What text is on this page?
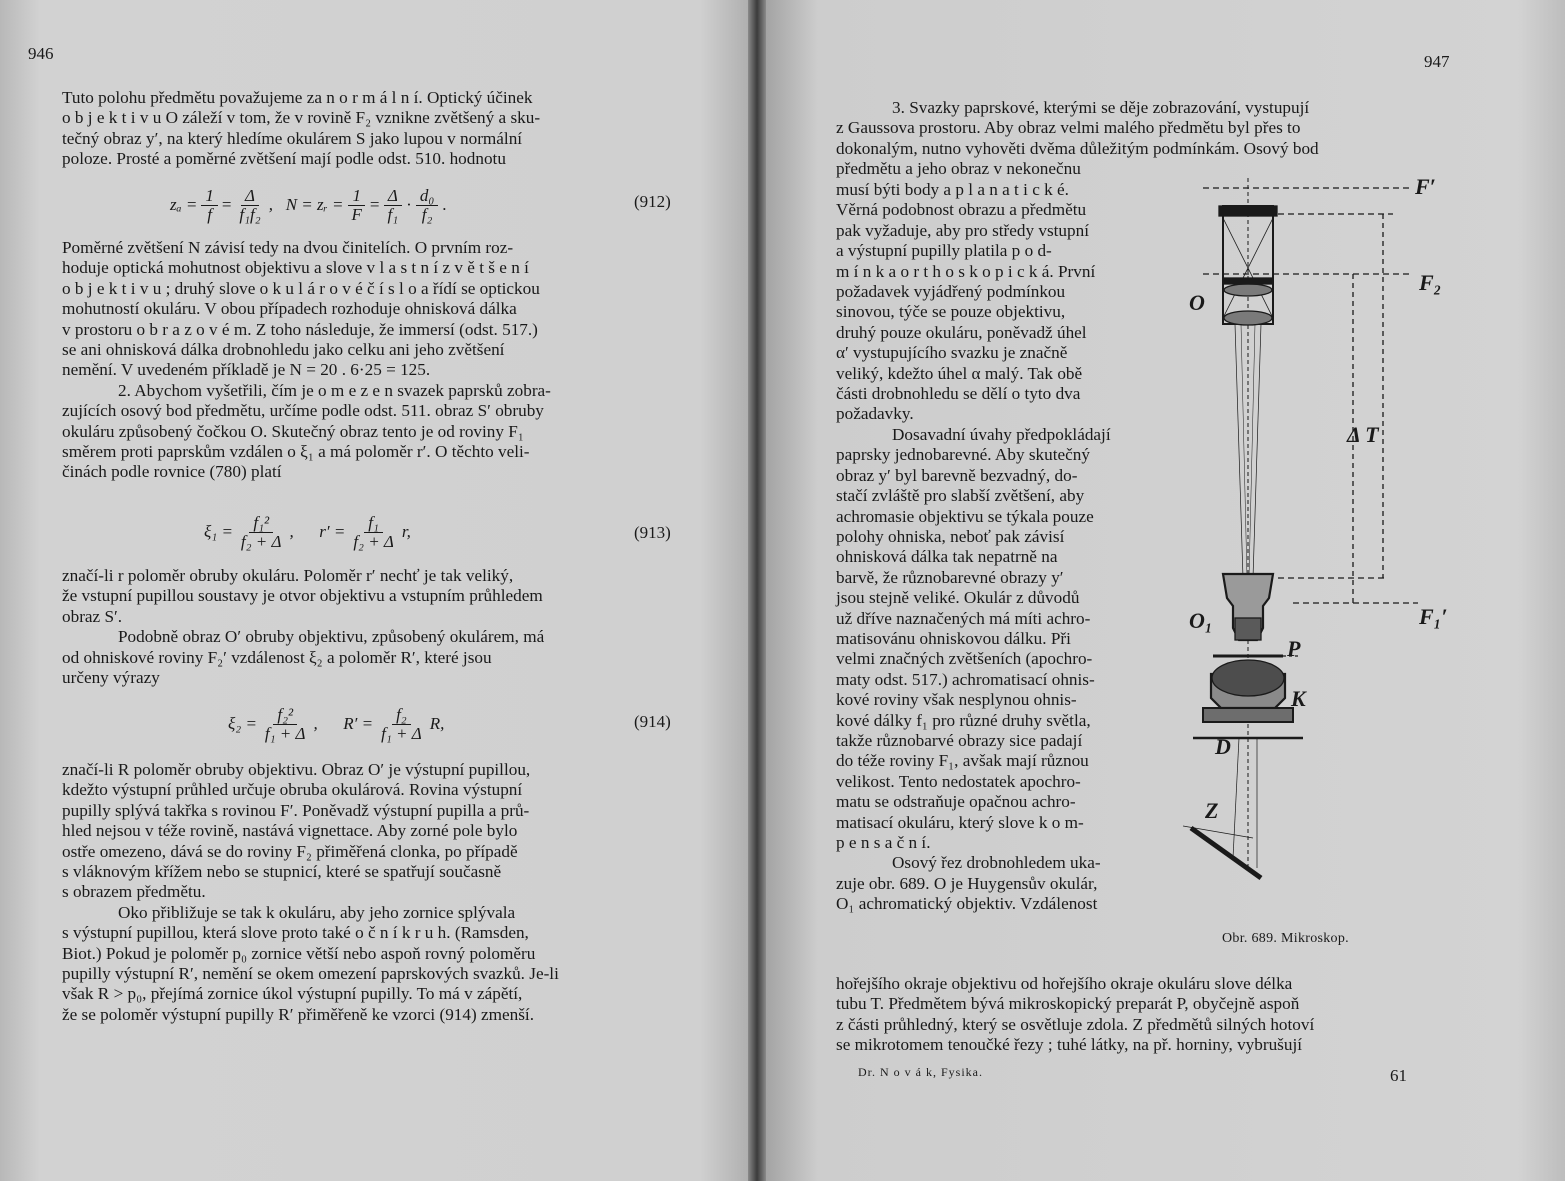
946

Tuto polohu předmětu považujeme za n o r m á l n í. Optický účinek

o b j e k t i v u O záleží v tom, že v rovině F₂ vznikne zvětšený a sku-

tečný obraz y′, na který hledíme okulárem S jako lupou v normální

poloze. Prosté a poměrné zvětšení mají podle odst. 510. hodnotu

$z_a = \frac{1}{f} = \frac{\Delta}{\text{f₁f₂}}$ ,   N = zᵣ = $\frac{1}{F} = \frac{\Delta}{\text{f₁}} \cdot \frac{\text{d₀}}{\text{f₂}}$ .	(912)

Poměrné zvětšení N závisí tedy na dvou činitelích. O prvním roz-

hoduje optická mohutnost objektivu a slove v l a s t n í z v ě t š e n í

o b j e k t i v u ; druhý slove o k u l á r o v é č í s l o a řídí se optickou

mohutností okuláru. V obou případech rozhoduje ohnisková dálka

v prostoru o b r a z o v é m. Z toho následuje, že immersí (odst. 517.)

se ani ohnisková dálka drobnohledu jako celku ani jeho zvětšení

nemění. V uvedeném příkladě je N = 20 . 6·25 = 125.

2. Abychom vyšetřili, čím je o m e z e n svazek paprsků zobra-

zujících osový bod předmětu, určíme podle odst. 511. obraz S′ obruby

okuláru způsobený čočkou O. Skutečný obraz tento je od roviny F₁

směrem proti paprskům vzdálen o ξ₁ a má poloměr r′. O těchto veli-

činách podle rovnice (780) platí

$\xi_1 = \frac{\text{f₁²}}{\text{f₂ + Δ}}$ ,      $r' = \frac{\text{f₁}}{\text{f₂ + Δ}} r$,	(913)

značí-li r poloměr obruby okuláru. Poloměr r′ nechť je tak veliký,

že vstupní pupillou soustavy je otvor objektivu a vstupním průhledem

obraz S′.

Podobně obraz O′ obruby objektivu, způsobený okulárem, má

od ohniskové roviny F₂′ vzdálenost ξ₂ a poloměr R′, které jsou

určeny výrazy

$\xi_2 = \frac{\text{f₂²}}{\text{f₁ + Δ}}$ ,      $R' = \frac{\text{f₂}}{\text{f₁ + Δ}} R$,	(914)

značí-li R poloměr obruby objektivu. Obraz O′ je výstupní pupillou,

kdežto výstupní průhled určuje obruba okulárová. Rovina výstupní

pupilly splývá takřka s rovinou F′. Poněvadž výstupní pupilla a prů-

hled nejsou v téže rovině, nastává vignettace. Aby zorné pole bylo

ostře omezeno, dává se do roviny F₂ přiměřená clonka, po případě

s vláknovým křížem nebo se stupnicí, které se spatřují současně

s obrazem předmětu.

Oko přibližuje se tak k okuláru, aby jeho zornice splývala

s výstupní pupillou, která slove proto také o č n í k r u h. (Ramsden,

Biot.) Pokud je poloměr p₀ zornice větší nebo aspoň rovný poloměru

pupilly výstupní R′, nemění se okem omezení paprskových svazků. Je-li

však R > p₀, přejímá zornice úkol výstupní pupilly. To má v zápětí,

že se poloměr výstupní pupilly R′ přiměřeně ke vzorci (914) zmenší.

947

3. Svazky paprskové, kterými se děje zobrazování, vystupují

z Gaussova prostoru. Aby obraz velmi malého předmětu byl přes to

dokonalým, nutno vyhověti dvěma důležitým podmínkám. Osový bod

předmětu a jeho obraz v nekonečnu

musí býti body a p l a n a t i c k é.

Věrná podobnost obrazu a předmětu

pak vyžaduje, aby pro středy vstupní

a výstupní pupilly platila p o d-

m í n k a o r t h o s k o p i c k á. První

požadavek vyjádřený podmínkou

sinovou, týče se pouze objektivu,

druhý pouze okuláru, poněvadž úhel

α′ vystupujícího svazku je značně

veliký, kdežto úhel α malý. Tak obě

části drobnohledu se dělí o tyto dva

požadavky.

Dosavadní úvahy předpokládají

paprsky jednobarevné. Aby skutečný

obraz y′ byl barevně bezvadný, do-

stačí zvláště pro slabší zvětšení, aby

achromasie objektivu se týkala pouze

polohy ohniska, neboť pak závisí

ohnisková dálka tak nepatrně na

barvě, že různobarevné obrazy y′

jsou stejně veliké. Okulár z důvodů

už dříve naznačených má míti achro-

matisovánu ohniskovou dálku. Při

velmi značných zvětšeních (apochro-

maty odst. 517.) achromatisací ohnis-

kové roviny však nesplynou ohnis-

kové dálky f₁ pro různé druhy světla,

takže různobarvé obrazy sice padají

do téže roviny F₁, avšak mají různou

velikost. Tento nedostatek apochro-

matu se odstraňuje opačnou achro-

matisací okuláru, který slove k o m-

p e n s a č n í.

Osový řez drobnohledem uka-

zuje obr. 689. O je Huygensův okulár,

O₁ achromatický objektiv. Vzdálenost

hořejšího okraje objektivu od hořejšího okraje okuláru slove délka

tubu T. Předmětem bývá mikroskopický preparát P, obyčejně aspoň

z části průhledný, který se osvětluje zdola. Z předmětů silných hotoví

se mikrotomem tenoučké řezy ; tuhé látky, na př. horniny, vybrušují

Obr. 689. Mikroskop.
Dr. N o v á k, Fysika.	61
F′
F₂
O
Δ T
O₁	F₁′
P
K
D
Z
